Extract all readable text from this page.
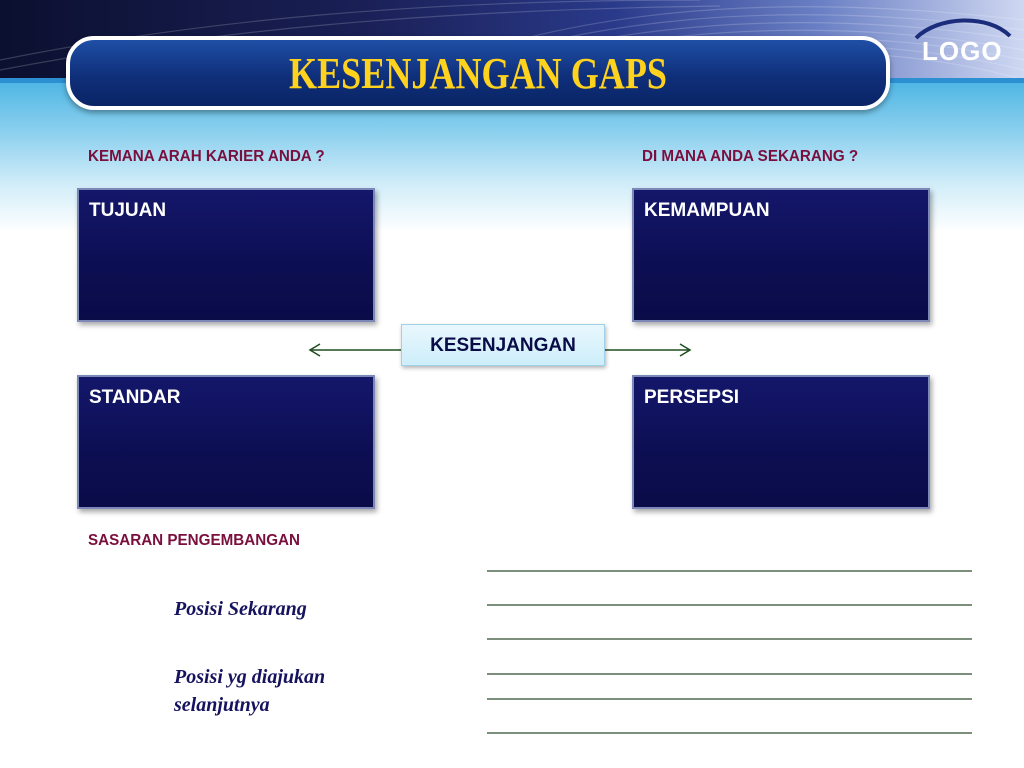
KESENJANGAN GAPS	LOGO
KEMANA ARAH KARIER ANDA ?	DI MANA ANDA SEKARANG ?
TUJUAN	KEMAMPUAN
STANDAR	PERSEPSI
KESENJANGAN
SASARAN PENGEMBANGAN
Posisi Sekarang
Posisi yg diajukan
selanjutnya
